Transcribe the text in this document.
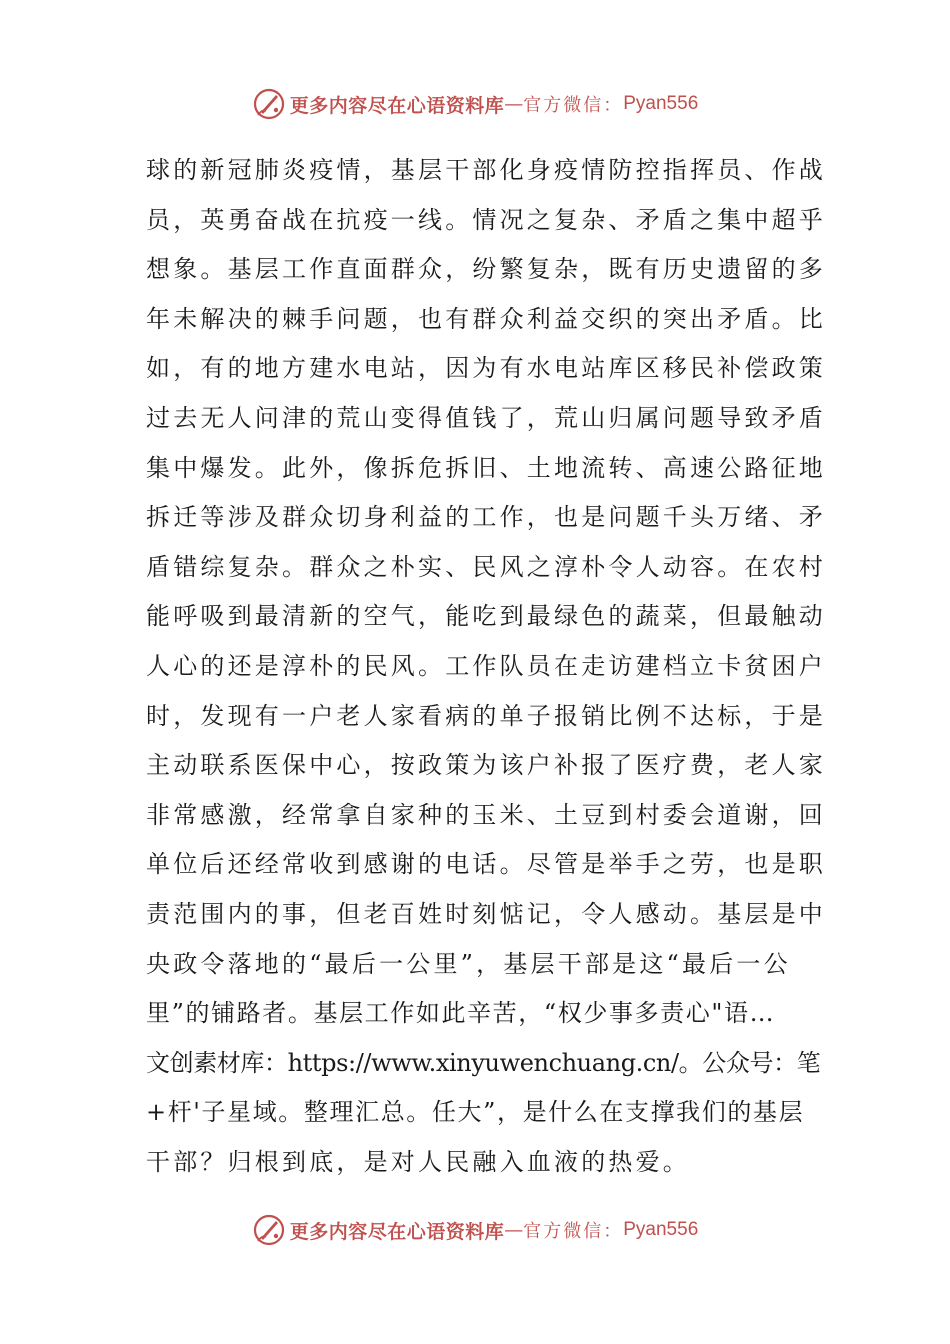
更多内容尽在心语资料库 — 官方微信： Pyan556
球的新冠肺炎疫情，基层干部化身疫情防控指挥员、作战
员，英勇奋战在抗疫一线。情况之复杂、矛盾之集中超乎
想象。基层工作直面群众，纷繁复杂，既有历史遗留的多
年未解决的棘手问题，也有群众利益交织的突出矛盾。比
如，有的地方建水电站，因为有水电站库区移民补偿政策
过去无人问津的荒山变得值钱了，荒山归属问题导致矛盾
集中爆发。此外，像拆危拆旧、土地流转、高速公路征地
拆迁等涉及群众切身利益的工作，也是问题千头万绪、矛
盾错综复杂。群众之朴实、民风之淳朴令人动容。在农村
能呼吸到最清新的空气，能吃到最绿色的蔬菜，但最触动
人心的还是淳朴的民风。工作队员在走访建档立卡贫困户
时，发现有一户老人家看病的单子报销比例不达标，于是
主动联系医保中心，按政策为该户补报了医疗费，老人家
非常感激，经常拿自家种的玉米、土豆到村委会道谢，回
单位后还经常收到感谢的电话。尽管是举手之劳，也是职
责范围内的事，但老百姓时刻惦记，令人感动。基层是中
央政令落地的“最后一公里”，基层干部是这“最后一公
里”的铺路者。基层工作如此辛苦，“权少事多责心"语…
文创素材库：https://www.xinyuwenchuang.cn/。公众号：笔
+杆'子星域。整理汇总。任大”，是什么在支撑我们的基层
干部？归根到底，是对人民融入血液的热爱。
更多内容尽在心语资料库 — 官方微信： Pyan556
